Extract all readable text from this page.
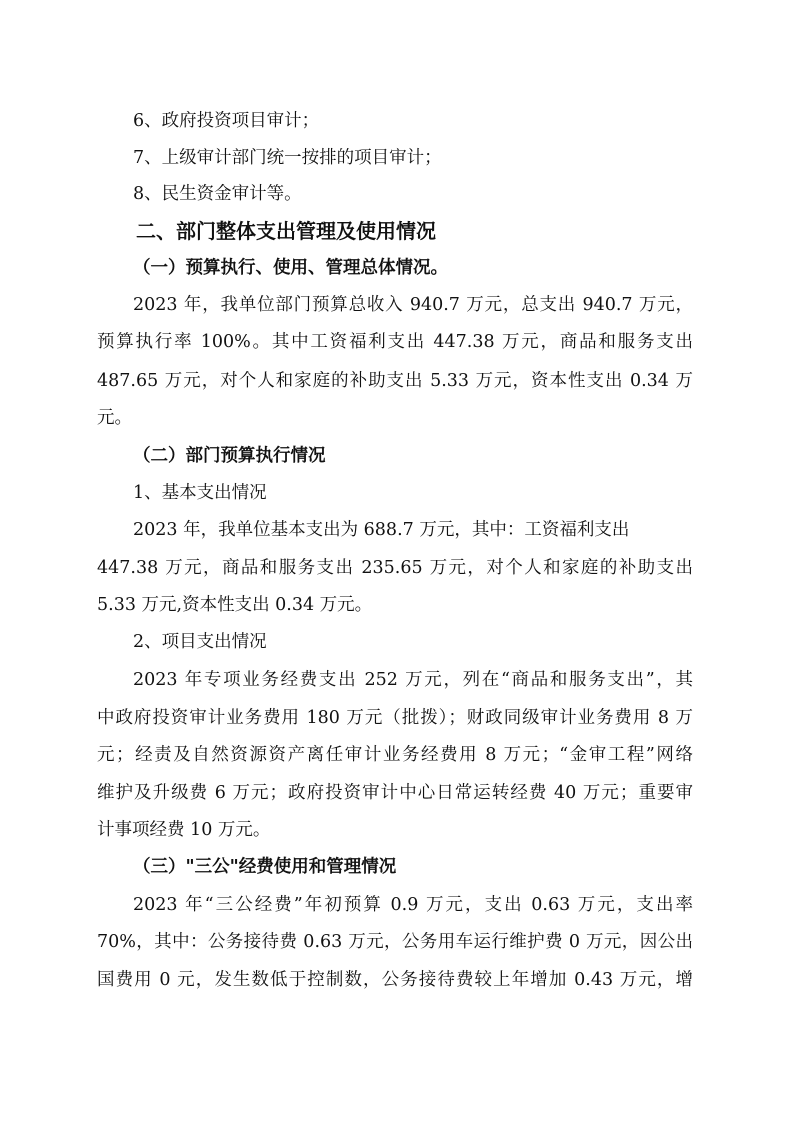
6、政府投资项目审计；

7、上级审计部门统一按排的项目审计；

8、民生资金审计等。

二、部门整体支出管理及使用情况

（一）预算执行、使用、管理总体情况。

2023 年，我单位部门预算总收入 940.7 万元，总支出 940.7 万元，

预算执行率 100%。其中工资福利支出 447.38 万元，商品和服务支出

487.65 万元，对个人和家庭的补助支出 5.33 万元，资本性支出 0.34 万

元。

（二）部门预算执行情况

1、基本支出情况

2023 年，我单位基本支出为 688.7 万元，其中：工资福利支出

447.38 万元，商品和服务支出 235.65 万元，对个人和家庭的补助支出

5.33 万元,资本性支出 0.34 万元。

2、项目支出情况

2023 年专项业务经费支出 252 万元，列在“商品和服务支出”，其

中政府投资审计业务费用 180 万元（批拨）；财政同级审计业务费用 8 万

元；经责及自然资源资产离任审计业务经费用 8 万元；“金审工程”网络

维护及升级费 6 万元；政府投资审计中心日常运转经费 40 万元；重要审

计事项经费 10 万元。

（三）"三公"经费使用和管理情况

2023 年“三公经费”年初预算 0.9 万元，支出 0.63 万元，支出率

70%，其中：公务接待费 0.63 万元，公务用车运行维护费 0 万元，因公出

国费用 0 元，发生数低于控制数，公务接待费较上年增加 0.43 万元，增
